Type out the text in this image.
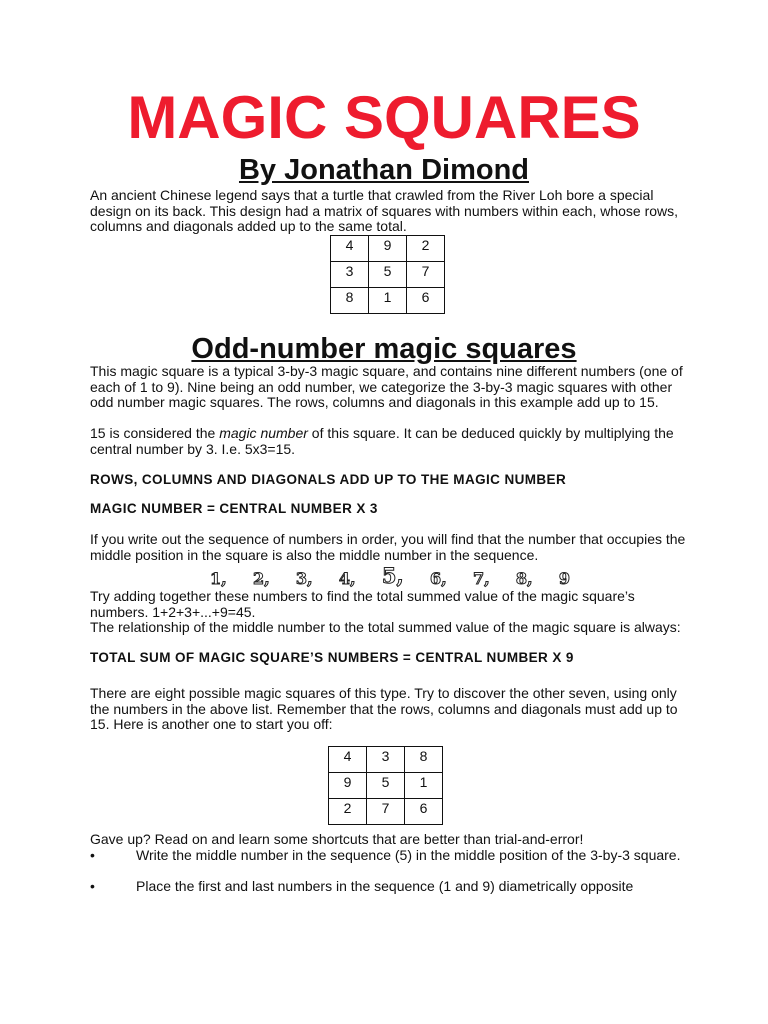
MAGIC SQUARES
By Jonathan Dimond

An ancient Chinese legend says that a turtle that crawled from the River Loh bore a special design on its back. This design had a matrix of squares with numbers within each, whose rows, columns and diagonals added up to the same total.

4	9	2
3	5	7
8	1	6
Odd-number magic squares

This magic square is a typical 3-by-3 magic square, and contains nine different numbers (one of each of 1 to 9). Nine being an odd number, we categorize the 3-by-3 magic squares with other odd number magic squares. The rows, columns and diagonals in this example add up to 15.

15 is considered the magic number of this square. It can be deduced quickly by multiplying the central number by 3. I.e. 5x3=15.

ROWS, COLUMNS AND DIAGONALS ADD UP TO THE MAGIC NUMBER

MAGIC NUMBER = CENTRAL NUMBER X 3

If you write out the sequence of numbers in order, you will find that the number that occupies the middle position in the square is also the middle number in the sequence.

1, 2, 3, 4, 5, 6, 7, 8, 9

Try adding together these numbers to find the total summed value of the magic square’s numbers. 1+2+3+...+9=45.

The relationship of the middle number to the total summed value of the magic square is always:

TOTAL SUM OF MAGIC SQUARE’S NUMBERS = CENTRAL NUMBER X 9

There are eight possible magic squares of this type. Try to discover the other seven, using only the numbers in the above list. Remember that the rows, columns and diagonals must add up to 15. Here is another one to start you off:

4	3	8
9	5	1
2	7	6

Gave up? Read on and learn some shortcuts that are better than trial-and-error!

•	Write the middle number in the sequence (5) in the middle position of the 3-by-3 square.

•	Place the first and last numbers in the sequence (1 and 9) diametrically opposite
